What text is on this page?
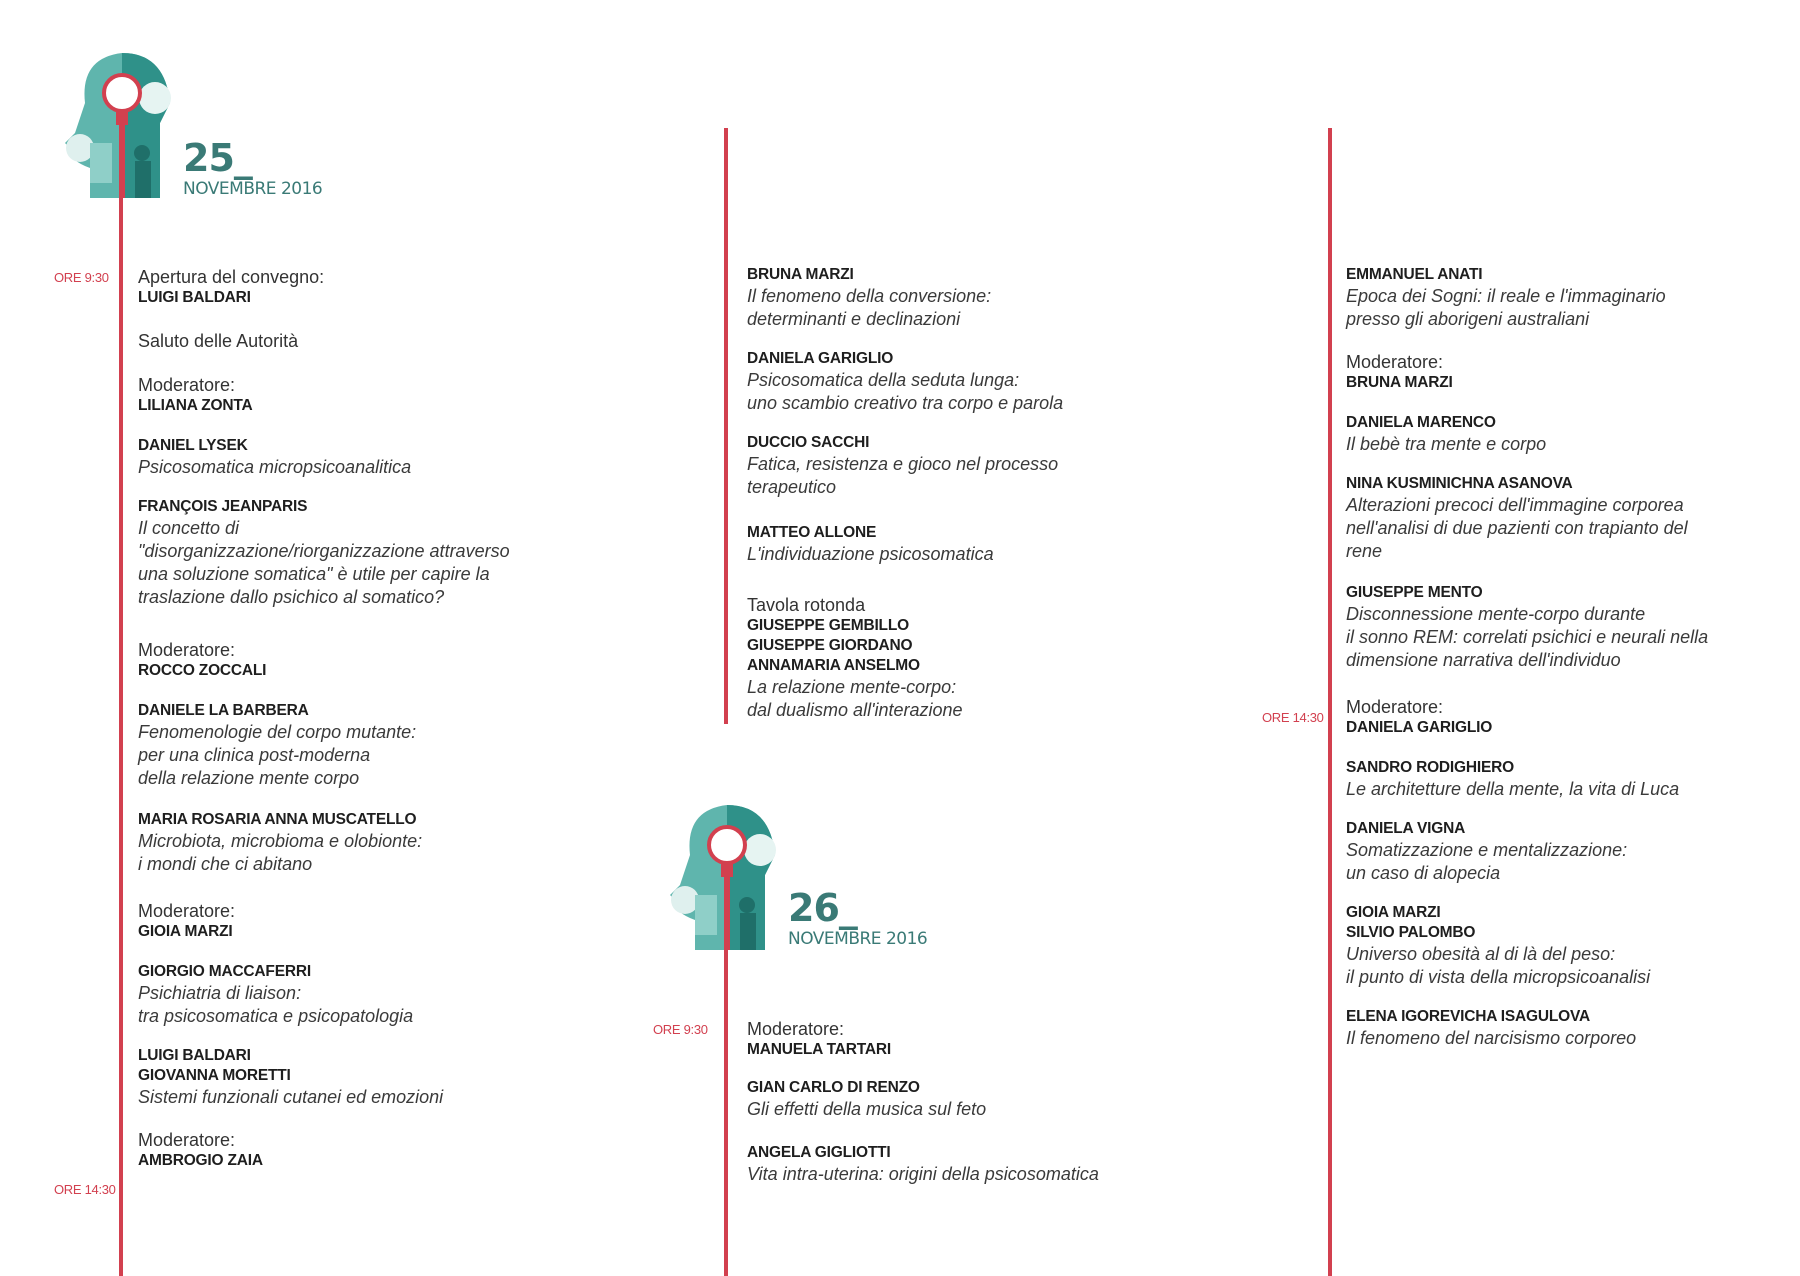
25_
NOVEMBRE 2016
26_
NOVEMBRE 2016
ORE 9:30
ORE 14:30
ORE 9:30
ORE 14:30
Apertura del convegno:
LUIGI BALDARI
Saluto delle Autorità
Moderatore:
LILIANA ZONTA
DANIEL LYSEK
Psicosomatica micropsicoanalitica
FRANÇOIS JEANPARIS
Il concetto di
"disorganizzazione/riorganizzazione attraverso
una soluzione somatica" è utile per capire la
traslazione dallo psichico al somatico?
Moderatore:
ROCCO ZOCCALI
DANIELE LA BARBERA
Fenomenologie del corpo mutante:
per una clinica post-moderna
della relazione mente corpo
MARIA ROSARIA ANNA MUSCATELLO
Microbiota, microbioma e olobionte:
i mondi che ci abitano
Moderatore:
GIOIA MARZI
GIORGIO MACCAFERRI
Psichiatria di liaison:
tra psicosomatica e psicopatologia
LUIGI BALDARI
GIOVANNA MORETTI
Sistemi funzionali cutanei ed emozioni
Moderatore:
AMBROGIO ZAIA
BRUNA MARZI
Il fenomeno della conversione:
determinanti e declinazioni
DANIELA GARIGLIO
Psicosomatica della seduta lunga:
uno scambio creativo tra corpo e parola
DUCCIO SACCHI
Fatica, resistenza e gioco nel processo
terapeutico
MATTEO ALLONE
L'individuazione psicosomatica
Tavola rotonda
GIUSEPPE GEMBILLO
GIUSEPPE GIORDANO
ANNAMARIA ANSELMO
La relazione mente-corpo:
dal dualismo all'interazione
Moderatore:
MANUELA TARTARI
GIAN CARLO DI RENZO
Gli effetti della musica sul feto
ANGELA GIGLIOTTI
Vita intra-uterina: origini della psicosomatica
EMMANUEL ANATI
Epoca dei Sogni: il reale e l'immaginario
presso gli aborigeni australiani
Moderatore:
BRUNA MARZI
DANIELA MARENCO
Il bebè tra mente e corpo
NINA KUSMINICHNA ASANOVA
Alterazioni precoci dell'immagine corporea
nell'analisi di due pazienti con trapianto del
rene
GIUSEPPE MENTO
Disconnessione mente-corpo durante
il sonno REM: correlati psichici e neurali nella
dimensione narrativa dell'individuo
Moderatore:
DANIELA GARIGLIO
SANDRO RODIGHIERO
Le architetture della mente, la vita di Luca
DANIELA VIGNA
Somatizzazione e mentalizzazione:
un caso di alopecia
GIOIA MARZI
SILVIO PALOMBO
Universo obesità al di là del peso:
il punto di vista della micropsicoanalisi
ELENA IGOREVICHA ISAGULOVA
Il fenomeno del narcisismo corporeo
